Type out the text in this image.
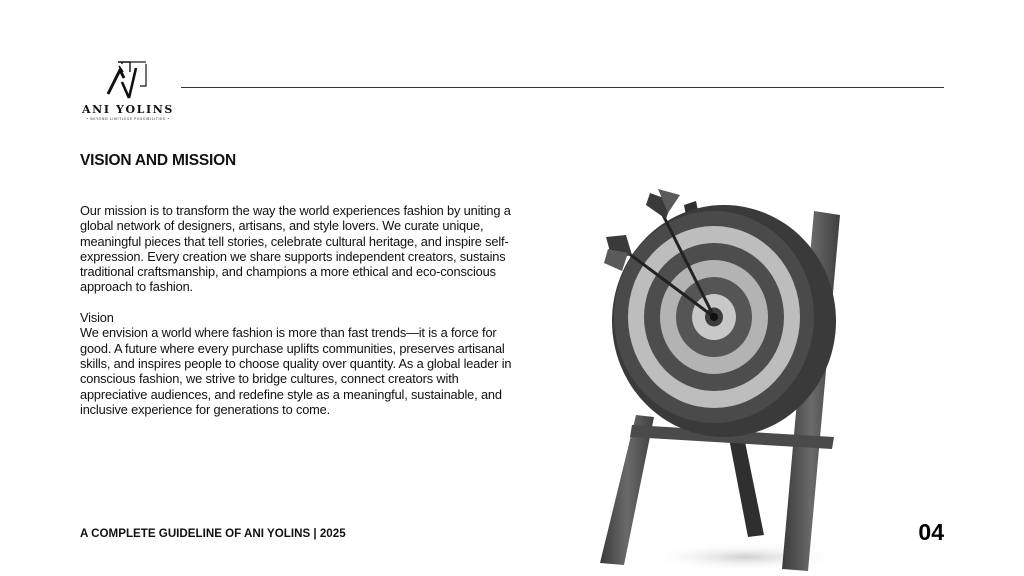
ANI YOLINS
• BEYOND LIMITLESS POSSIBILITIES •
VISION AND MISSION

Our mission is to transform the way the world experiences fashion by uniting a global network of designers, artisans, and style lovers. We curate unique, meaningful pieces that tell stories, celebrate cultural heritage, and inspire self-expression. Every creation we share supports independent creators, sustains traditional craftsmanship, and champions a more ethical and eco-conscious approach to fashion.

Vision

We envision a world where fashion is more than fast trends—it is a force for good. A future where every purchase uplifts communities, preserves artisanal skills, and inspires people to choose quality over quantity. As a global leader in conscious fashion, we strive to bridge cultures, connect creators with appreciative audiences, and redefine style as a meaningful, sustainable, and inclusive experience for generations to come.

A COMPLETE GUIDELINE OF ANI YOLINS | 2025	04
